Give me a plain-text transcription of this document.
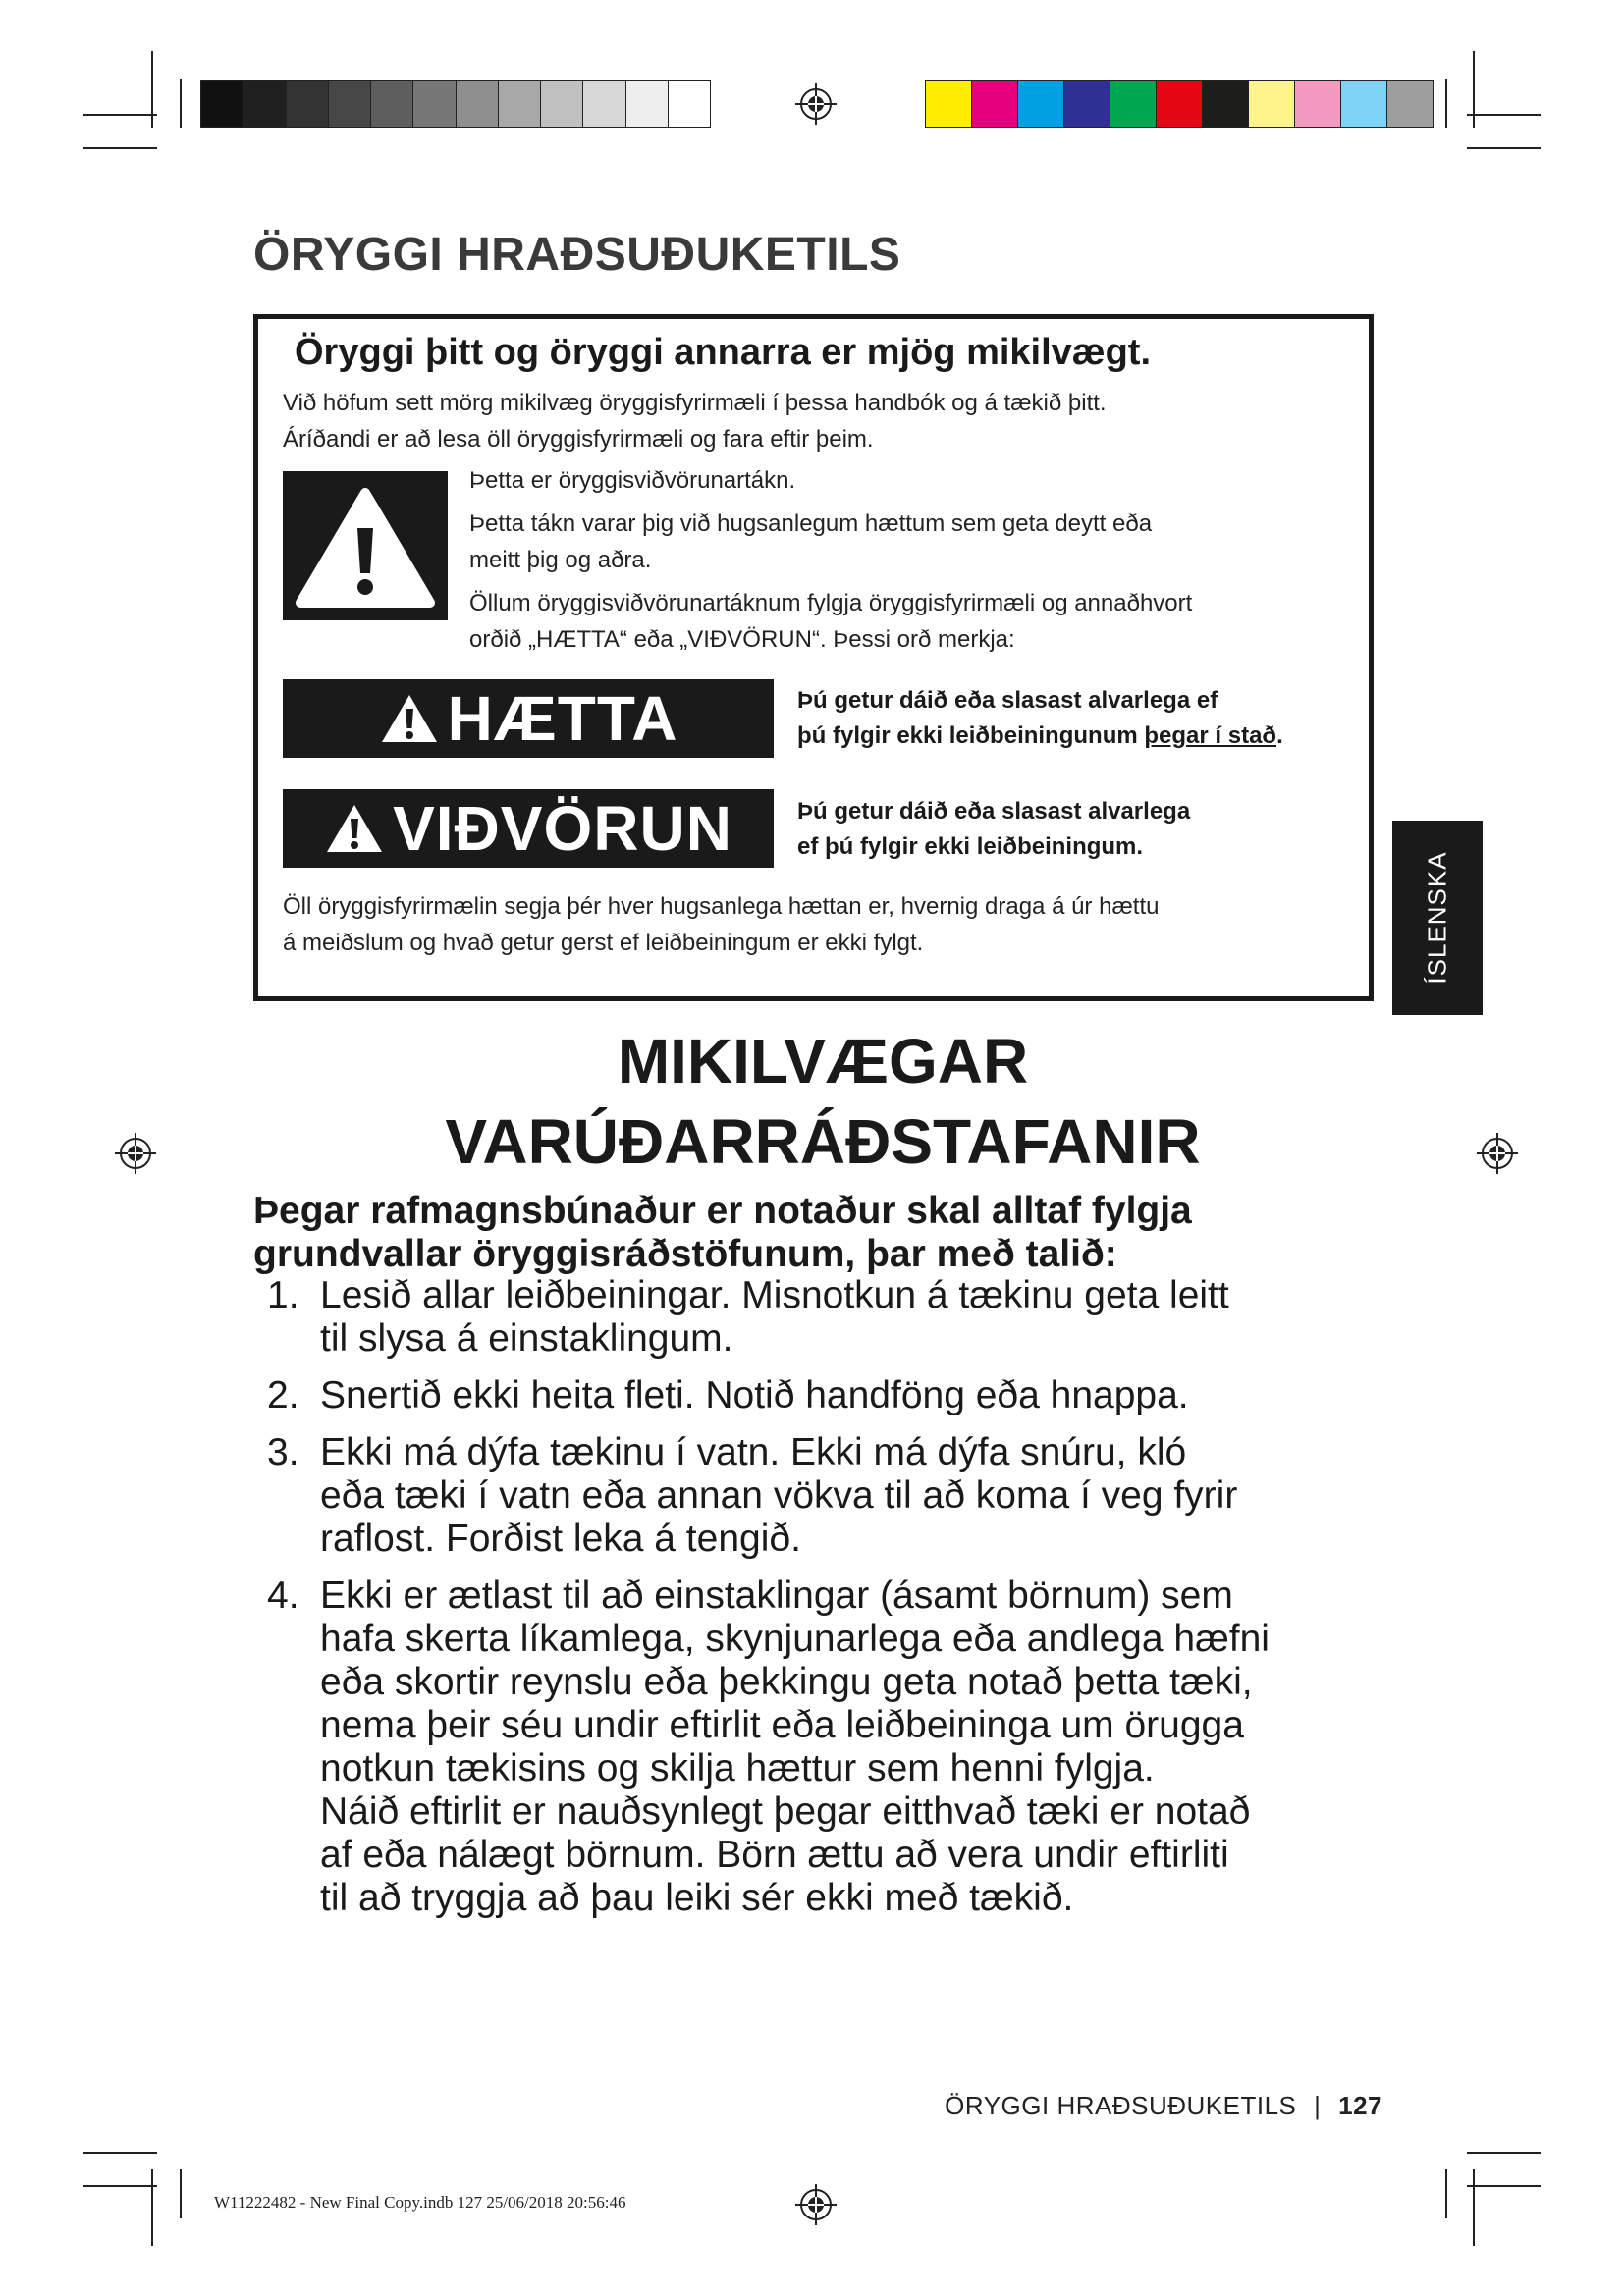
ÖRYGGI HRAÐSUÐUKETILS
Öryggi þitt og öryggi annarra er mjög mikilvægt.

Við höfum sett mörg mikilvæg öryggisfyrirmæli í þessa handbók og á tækið þitt.

Áríðandi er að lesa öll öryggisfyrirmæli og fara eftir þeim.

Þetta er öryggisviðvörunartákn.

Þetta tákn varar þig við hugsanlegum hættum sem geta deytt eða

meitt þig og aðra.

Öllum öryggisviðvörunartáknum fylgja öryggisfyrirmæli og annaðhvort

orðið „HÆTTA“ eða „VIÐVÖRUN“. Þessi orð merkja:

HÆTTA	Þú getur dáið eða slasast alvarlega ef

þú fylgir ekki leiðbeiningunum þegar í stað.

VIÐVÖRUN	Þú getur dáið eða slasast alvarlega

ef þú fylgir ekki leiðbeiningum.

Öll öryggisfyrirmælin segja þér hver hugsanlega hættan er, hvernig draga á úr hættu

á meiðslum og hvað getur gerst ef leiðbeiningum er ekki fylgt.	ÍSLENSKA
MIKILVÆGAR
VARÚÐARRÁÐSTAFANIR

Þegar rafmagnsbúnaður er notaður skal alltaf fylgja
grundvallar öryggisráðstöfunum, þar með talið:

1. Lesið allar leiðbeiningar. Misnotkun á tækinu geta leitt
til slysa á einstaklingum.
2. Snertið ekki heita fleti. Notið handföng eða hnappa.
3. Ekki má dýfa tækinu í vatn. Ekki má dýfa snúru, kló
eða tæki í vatn eða annan vökva til að koma í veg fyrir
raflost. Forðist leka á tengið.
4. Ekki er ætlast til að einstaklingar (ásamt börnum) sem
hafa skerta líkamlega, skynjunarlega eða andlega hæfni
eða skortir reynslu eða þekkingu geta notað þetta tæki,
nema þeir séu undir eftirlit eða leiðbeininga um örugga
notkun tækisins og skilja hættur sem henni fylgja.
Náið eftirlit er nauðsynlegt þegar eitthvað tæki er notað
af eða nálægt börnum. Börn ættu að vera undir eftirliti
til að tryggja að þau leiki sér ekki með tækið.
ÖRYGGI HRAÐSUÐUKETILS | 127
W11222482 - New Final Copy.indb 127 25/06/2018 20:56:46
